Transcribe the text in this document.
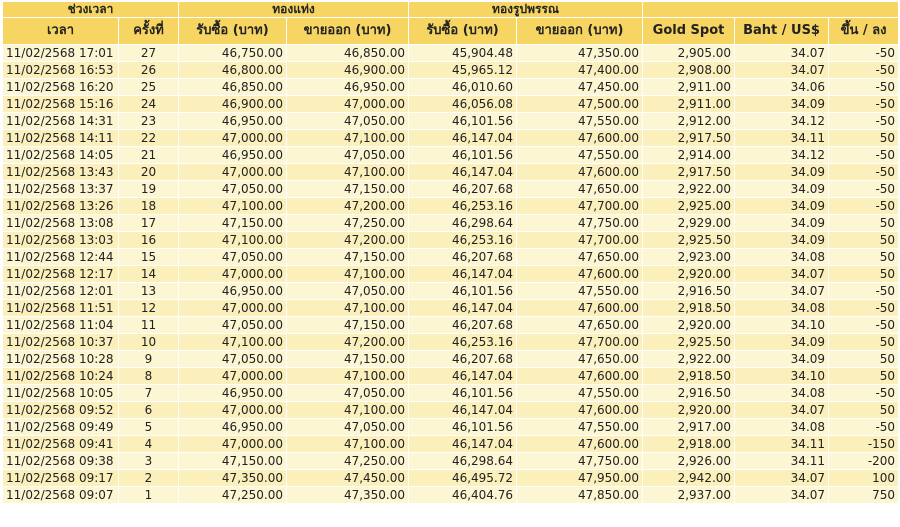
ช่วงเวลา		ทองแท่ง		ทองรูปพรรณ				
เวลา	ครั้งที่	รับซื้อ (บาท)	ขายออก (บาท)	รับซื้อ (บาท)	ขายออก (บาท)	Gold Spot	Baht / US$	ขึ้น / ลง
11/02/2568 17:01	27	46,750.00	46,850.00	45,904.48	47,350.00	2,905.00	34.07	-50
11/02/2568 16:53	26	46,800.00	46,900.00	45,965.12	47,400.00	2,908.00	34.07	-50
11/02/2568 16:20	25	46,850.00	46,950.00	46,010.60	47,450.00	2,911.00	34.06	-50
11/02/2568 15:16	24	46,900.00	47,000.00	46,056.08	47,500.00	2,911.00	34.09	-50
11/02/2568 14:31	23	46,950.00	47,050.00	46,101.56	47,550.00	2,912.00	34.12	-50
11/02/2568 14:11	22	47,000.00	47,100.00	46,147.04	47,600.00	2,917.50	34.11	50
11/02/2568 14:05	21	46,950.00	47,050.00	46,101.56	47,550.00	2,914.00	34.12	-50
11/02/2568 13:43	20	47,000.00	47,100.00	46,147.04	47,600.00	2,917.50	34.09	-50
11/02/2568 13:37	19	47,050.00	47,150.00	46,207.68	47,650.00	2,922.00	34.09	-50
11/02/2568 13:26	18	47,100.00	47,200.00	46,253.16	47,700.00	2,925.00	34.09	-50
11/02/2568 13:08	17	47,150.00	47,250.00	46,298.64	47,750.00	2,929.00	34.09	50
11/02/2568 13:03	16	47,100.00	47,200.00	46,253.16	47,700.00	2,925.50	34.09	50
11/02/2568 12:44	15	47,050.00	47,150.00	46,207.68	47,650.00	2,923.00	34.08	50
11/02/2568 12:17	14	47,000.00	47,100.00	46,147.04	47,600.00	2,920.00	34.07	50
11/02/2568 12:01	13	46,950.00	47,050.00	46,101.56	47,550.00	2,916.50	34.07	-50
11/02/2568 11:51	12	47,000.00	47,100.00	46,147.04	47,600.00	2,918.50	34.08	-50
11/02/2568 11:04	11	47,050.00	47,150.00	46,207.68	47,650.00	2,920.00	34.10	-50
11/02/2568 10:37	10	47,100.00	47,200.00	46,253.16	47,700.00	2,925.50	34.09	50
11/02/2568 10:28	9	47,050.00	47,150.00	46,207.68	47,650.00	2,922.00	34.09	50
11/02/2568 10:24	8	47,000.00	47,100.00	46,147.04	47,600.00	2,918.50	34.10	50
11/02/2568 10:05	7	46,950.00	47,050.00	46,101.56	47,550.00	2,916.50	34.08	-50
11/02/2568 09:52	6	47,000.00	47,100.00	46,147.04	47,600.00	2,920.00	34.07	50
11/02/2568 09:49	5	46,950.00	47,050.00	46,101.56	47,550.00	2,917.00	34.08	-50
11/02/2568 09:41	4	47,000.00	47,100.00	46,147.04	47,600.00	2,918.00	34.11	-150
11/02/2568 09:38	3	47,150.00	47,250.00	46,298.64	47,750.00	2,926.00	34.11	-200
11/02/2568 09:17	2	47,350.00	47,450.00	46,495.72	47,950.00	2,942.00	34.07	100
11/02/2568 09:07	1	47,250.00	47,350.00	46,404.76	47,850.00	2,937.00	34.07	750
